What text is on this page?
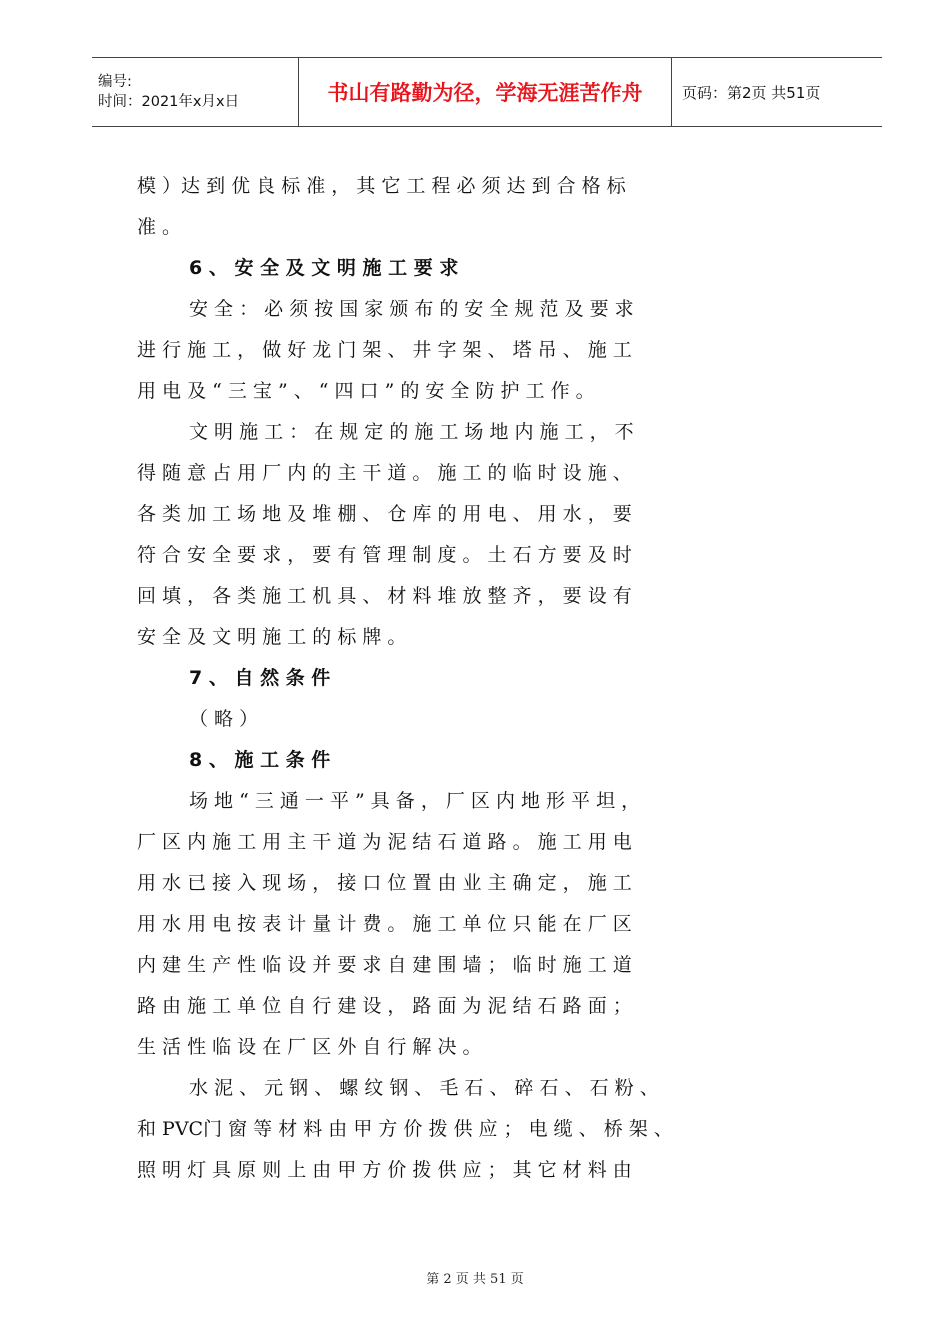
编号:
时间：2021年x月x日	书山有路勤为径，学海无涯苦作舟	页码：第2页 共51页
模 ）达 到 优 良 标 准 ， 其 它 工 程 必 须 达 到 合 格 标
准 。
6 、 安 全 及 文 明 施 工 要 求
安 全 ： 必 须 按 国 家 颁 布 的 安 全 规 范 及 要 求
进 行 施 工 ， 做 好 龙 门 架 、 井 字 架 、 塔 吊 、 施 工
用 电 及 “ 三 宝 ” 、 “ 四 口 ” 的 安 全 防 护 工 作 。
文 明 施 工 ： 在 规 定 的 施 工 场 地 内 施 工 ， 不
得 随 意 占 用 厂 内 的 主 干 道 。 施 工 的 临 时 设 施 、
各 类 加 工 场 地 及 堆 棚 、 仓 库 的 用 电 、 用 水 ， 要
符 合 安 全 要 求 ， 要 有 管 理 制 度 。 土 石 方 要 及 时
回 填 ， 各 类 施 工 机 具 、 材 料 堆 放 整 齐 ， 要 设 有
安 全 及 文 明 施 工 的 标 牌 。
7 、 自 然 条 件
（ 略 ）
8 、 施 工 条 件
场 地 “ 三 通 一 平 ” 具 备 ， 厂 区 内 地 形 平 坦 ，
厂 区 内 施 工 用 主 干 道 为 泥 结 石 道 路 。 施 工 用 电
用 水 已 接 入 现 场 ， 接 口 位 置 由 业 主 确 定 ， 施 工
用 水 用 电 按 表 计 量 计 费 。 施 工 单 位 只 能 在 厂 区
内 建 生 产 性 临 设 并 要 求 自 建 围 墙 ； 临 时 施 工 道
路 由 施 工 单 位 自 行 建 设 ， 路 面 为 泥 结 石 路 面 ；
生 活 性 临 设 在 厂 区 外 自 行 解 决 。
水 泥 、 元 钢 、 螺 纹 钢 、 毛 石 、 碎 石 、 石 粉 、
和 PVC门 窗 等 材 料 由 甲 方 价 拨 供 应 ； 电 缆 、 桥 架 、
照 明 灯 具 原 则 上 由 甲 方 价 拨 供 应 ； 其 它 材 料 由
第 2 页 共 51 页
